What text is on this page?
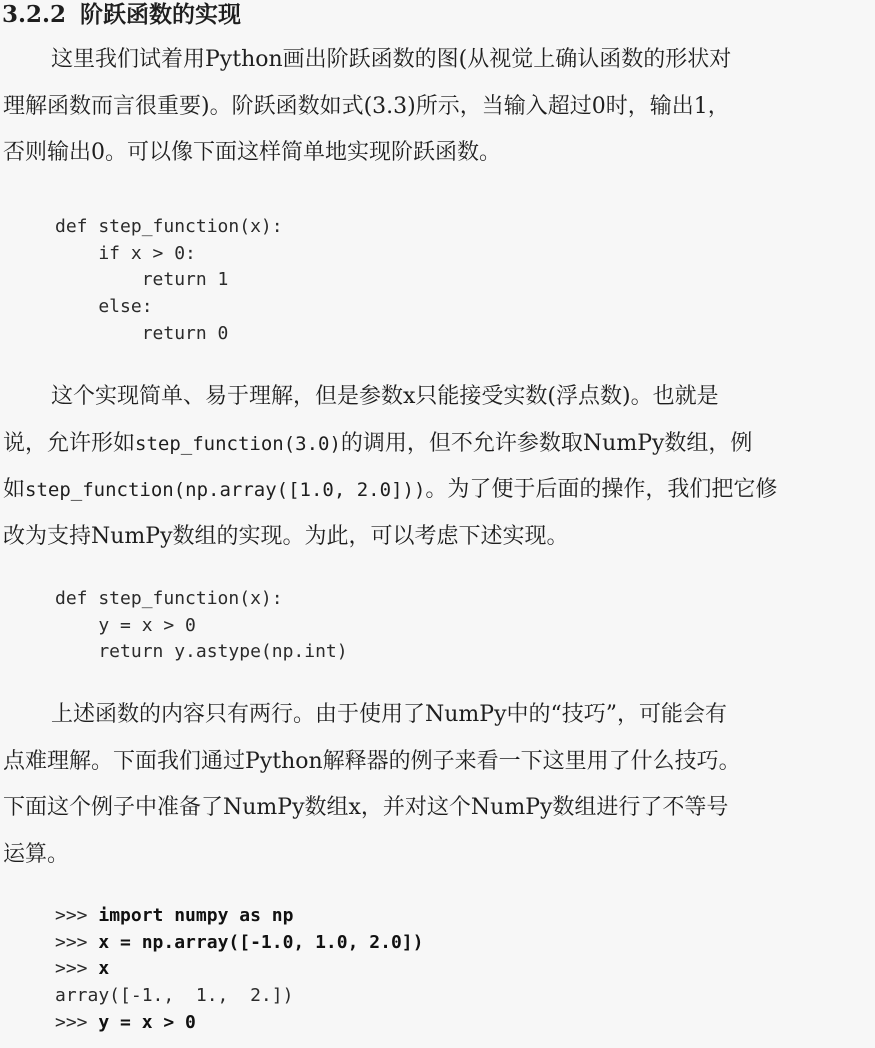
3.2.2 阶跃函数的实现
这里我们试着用Python画出阶跃函数的图(从视觉上确认函数的形状对
理解函数而言很重要)。阶跃函数如式(3.3)所示，当输入超过0时，输出1，
否则输出0。可以像下面这样简单地实现阶跃函数。
def step_function(x):
if x > 0:
return 1
else:
return 0
这个实现简单、易于理解，但是参数x只能接受实数(浮点数)。也就是
说，允许形如step_function(3.0)的调用，但不允许参数取NumPy数组，例
如step_function(np.array([1.0, 2.0]))。为了便于后面的操作，我们把它修
改为支持NumPy数组的实现。为此，可以考虑下述实现。
def step_function(x):
y = x > 0
return y.astype(np.int)
上述函数的内容只有两行。由于使用了NumPy中的“技巧”，可能会有
点难理解。下面我们通过Python解释器的例子来看一下这里用了什么技巧。
下面这个例子中准备了NumPy数组x，并对这个NumPy数组进行了不等号
运算。
>>> import numpy as np
>>> x = np.array([-1.0, 1.0, 2.0])
>>> x
array([-1.,  1.,  2.])
>>> y = x > 0
